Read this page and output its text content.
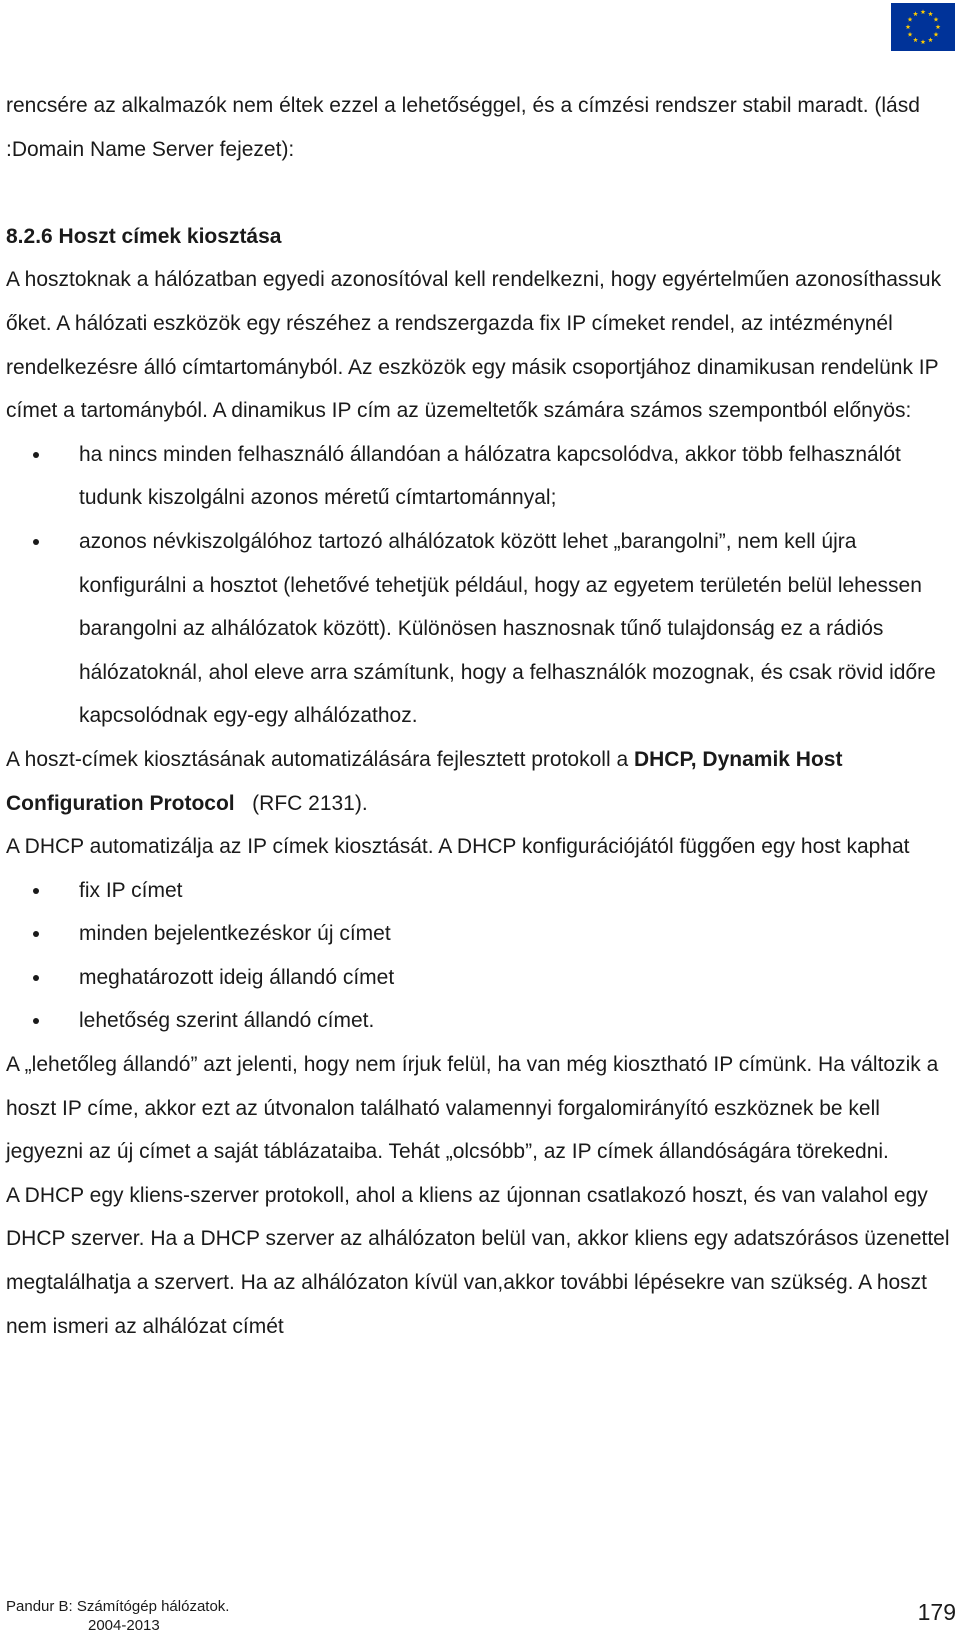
rencsére az alkalmazók nem éltek ezzel a lehetőséggel, és a címzési rendszer stabil maradt. (lásd :Domain Name Server fejezet):

8.2.6 Hoszt címek kiosztása

A hosztoknak a hálózatban egyedi azonosítóval kell rendelkezni, hogy egyértelműen azonosíthassuk őket. A hálózati eszközök egy részéhez a rendszergazda fix IP címeket rendel, az intézménynél rendelkezésre álló címtartományból. Az eszközök egy másik csoportjához dinamikusan rendelünk IP címet a tartományból. A dinamikus IP cím az üzemeltetők számára számos szempontból előnyös:

ha nincs minden felhasználó állandóan a hálózatra kapcsolódva, akkor több felhasználót tudunk kiszolgálni azonos méretű címtartománnyal;
azonos névkiszolgálóhoz tartozó alhálózatok között lehet „barangolni”, nem kell újra konfigurálni a hosztot (lehetővé tehetjük például, hogy az egyetem területén belül lehessen barangolni az alhálózatok között). Különösen hasznosnak tűnő tulajdonság ez a rádiós hálózatoknál, ahol eleve arra számítunk, hogy a felhasználók mozognak, és csak rövid időre kapcsolódnak egy-egy alhálózathoz.

A hoszt-címek kiosztásának automatizálására fejlesztett protokoll a DHCP, Dynamik Host Configuration Protocol   (RFC 2131).

A DHCP automatizálja az IP címek kiosztását. A DHCP konfigurációjától függően egy host kaphat

fix IP címet
minden bejelentkezéskor új címet
meghatározott ideig állandó címet
lehetőség szerint állandó címet.

A „lehetőleg állandó” azt jelenti, hogy nem írjuk felül, ha van még kiosztható IP címünk. Ha változik a hoszt IP címe, akkor ezt az útvonalon található valamennyi forgalomirányító eszköznek be kell jegyezni az új címet a saját táblázataiba. Tehát „olcsóbb”, az IP címek állandóságára törekedni.

A DHCP egy kliens-szerver protokoll, ahol a kliens az újonnan csatlakozó hoszt, és van valahol egy DHCP szerver. Ha a DHCP szerver az alhálózaton belül van, akkor kliens egy adatszórásos üzenettel megtalálhatja a szervert. Ha az alhálózaton kívül van,akkor további lépésekre van szükség. A hoszt nem ismeri az alhálózat címét

Pandur B: Számítógép hálózatok.
2004-2013
179
